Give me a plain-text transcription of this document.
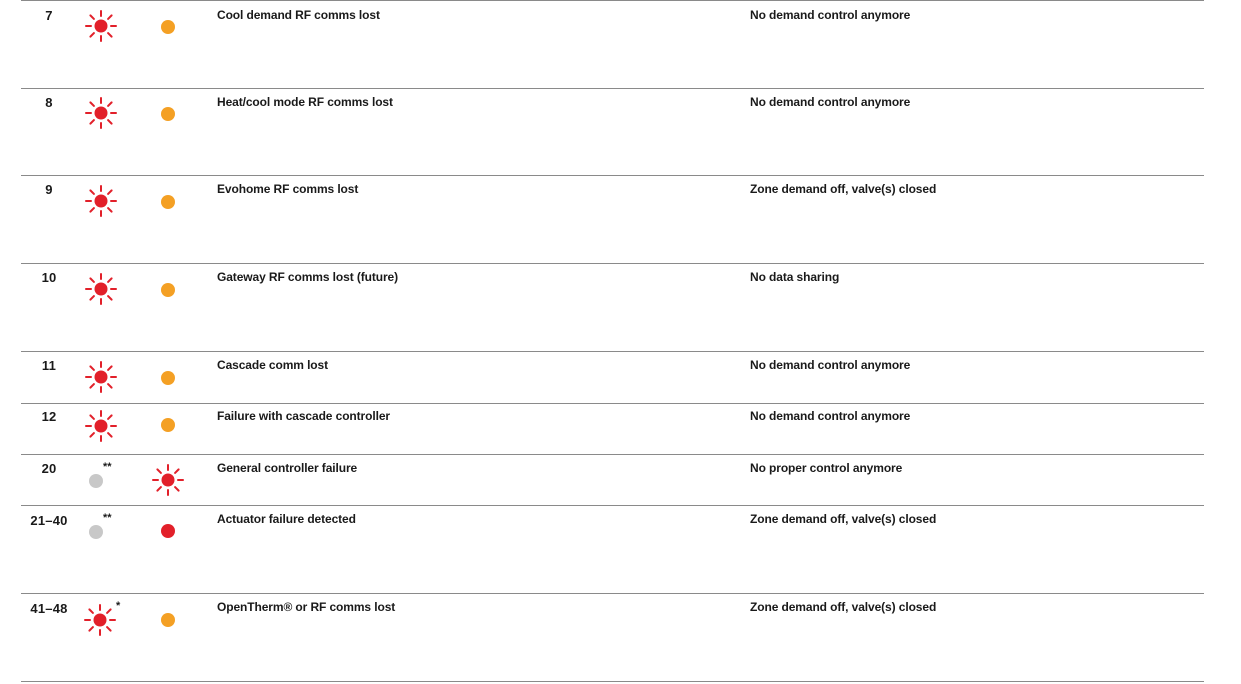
7	Cool demand RF comms lost	No demand control anymore
8	Heat/cool mode RF comms lost	No demand control anymore
9	Evohome RF comms lost	Zone demand off, valve(s) closed
10	Gateway RF comms lost (future)	No data sharing
11	Cascade comm lost	No demand control anymore
12	Failure with cascade controller	No demand control anymore
20	**	General controller failure	No proper control anymore
21–40	**	Actuator failure detected	Zone demand off, valve(s) closed
41–48	*	OpenTherm® or RF comms lost	Zone demand off, valve(s) closed
